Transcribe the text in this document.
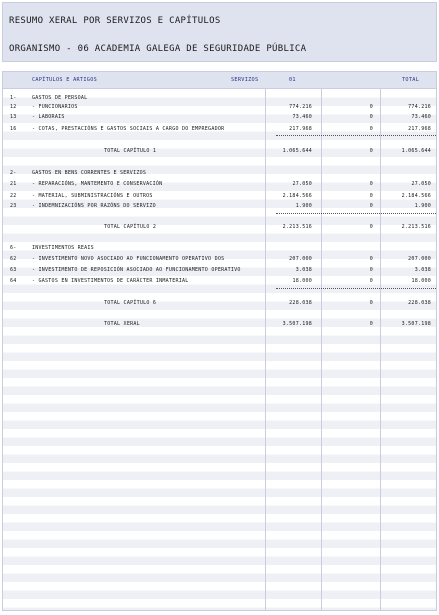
RESUMO XERAL POR SERVIZOS E CAPÍTULOS
ORGANISMO - 06 ACADEMIA GALEGA DE SEGURIDADE PÚBLICA
CAPÍTULOS E ARTIGOS	SERVIZOS	01	TOTAL
1-	GASTOS DE PERSOAL
12	- FUNCIONARIOS	774.216	0	774.216
13	- LABORAIS	73.460	0	73.460
16	- COTAS, PRESTACIÓNS E GASTOS SOCIAIS A CARGO DO EMPREGADOR	217.968	0	217.968
TOTAL CAPÍTULO 1	1.065.644	0	1.065.644
2-	GASTOS EN BENS CORRENTES E SERVIZOS
21	- REPARACIÓNS, MANTEMENTO E CONSERVACIÓN	27.050	0	27.050
22	- MATERIAL, SUBMINISTRACIÓNS E OUTROS	2.184.566	0	2.184.566
23	- INDEMNIZACIÓNS POR RAZÓNS DO SERVIZO	1.900	0	1.900
TOTAL CAPÍTULO 2	2.213.516	0	2.213.516
6-	INVESTIMENTOS REAIS
62	- INVESTIMENTO NOVO ASOCIADO AO FUNCIONAMENTO OPERATIVO DOS	207.000	0	207.000
63	- INVESTIMENTO DE REPOSICIÓN ASOCIADO AO FUNCIONAMENTO OPERATIVO	3.038	0	3.038
64	- GASTOS EN INVESTIMENTOS DE CARÁCTER INMATERIAL	18.000	0	18.000
TOTAL CAPÍTULO 6	228.038	0	228.038
TOTAL XERAL	3.507.198	0	3.507.198
